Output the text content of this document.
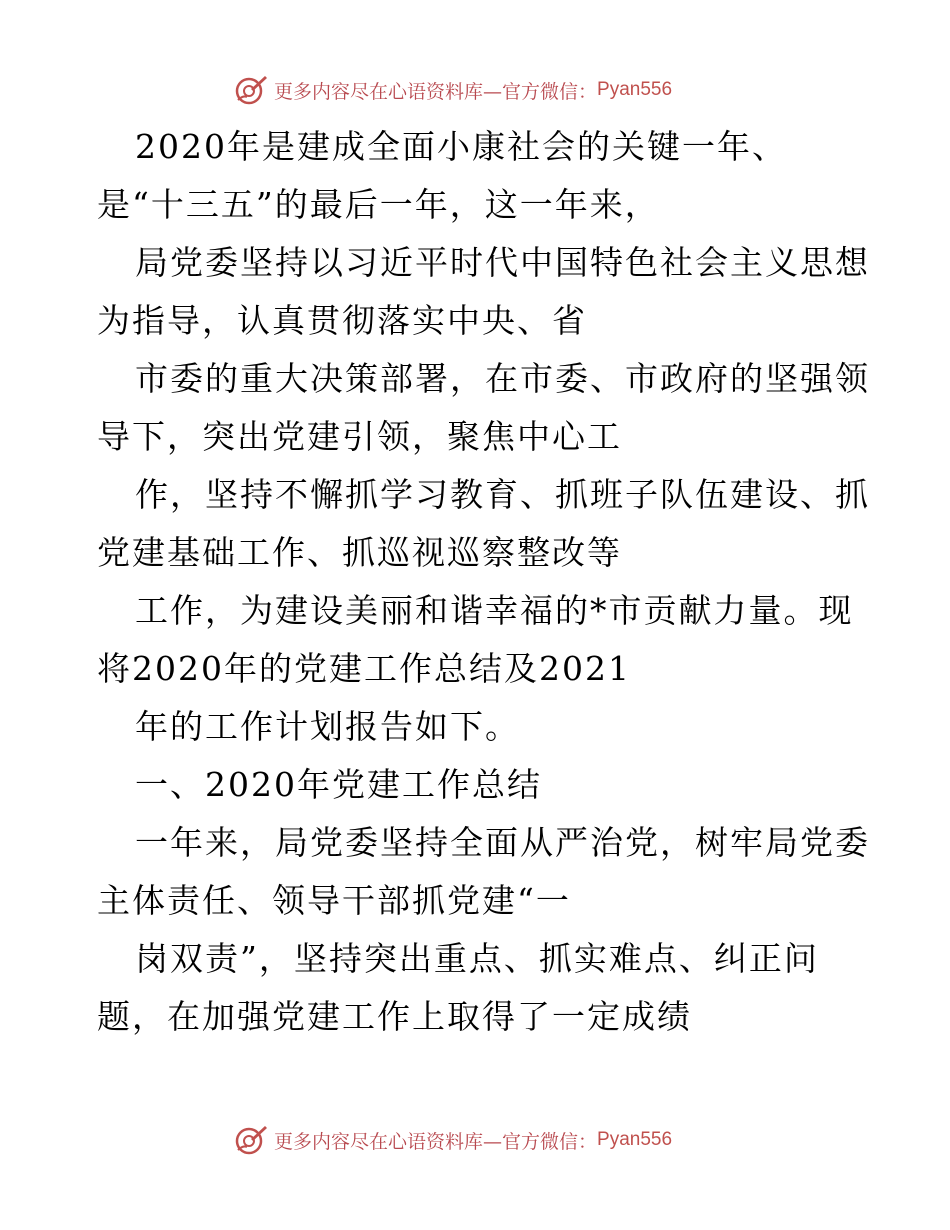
更多内容尽在心语资料库—官方微信： Pyan556
2020年是建成全面小康社会的关键一年、
是“十三五”的最后一年，这一年来，
局党委坚持以习近平时代中国特色社会主义思想
为指导，认真贯彻落实中央、省
市委的重大决策部署，在市委、市政府的坚强领
导下，突出党建引领，聚焦中心工
作，坚持不懈抓学习教育、抓班子队伍建设、抓
党建基础工作、抓巡视巡察整改等
工作，为建设美丽和谐幸福的*市贡献力量。现
将2020年的党建工作总结及2021
年的工作计划报告如下。
一、2020年党建工作总结
一年来，局党委坚持全面从严治党，树牢局党委
主体责任、领导干部抓党建“一
岗双责”，坚持突出重点、抓实难点、纠正问
题，在加强党建工作上取得了一定成绩
更多内容尽在心语资料库—官方微信： Pyan556
